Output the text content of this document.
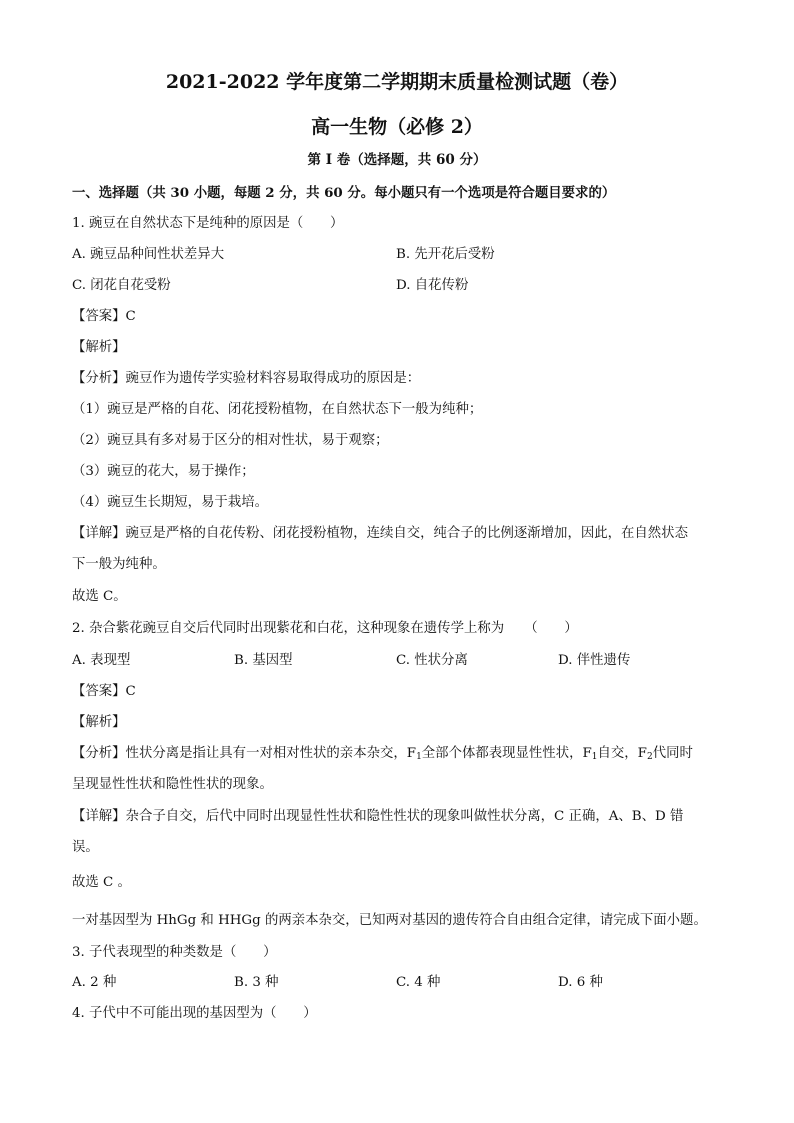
2021-2022 学年度第二学期期末质量检测试题（卷）
高一生物（必修 2）
第 I 卷（选择题，共 60 分）
一、选择题（共 30 小题，每题 2 分，共 60 分。每小题只有一个选项是符合题目要求的）
1. 豌豆在自然状态下是纯种的原因是（　　）
A. 豌豆品种间性状差异大	B. 先开花后受粉
C. 闭花自花受粉	D. 自花传粉
【答案】C
【解析】
【分析】豌豆作为遗传学实验材料容易取得成功的原因是：
（1）豌豆是严格的自花、闭花授粉植物，在自然状态下一般为纯种；
（2）豌豆具有多对易于区分的相对性状，易于观察；
（3）豌豆的花大，易于操作；
（4）豌豆生长期短，易于栽培。
【详解】豌豆是严格的自花传粉、闭花授粉植物，连续自交，纯合子的比例逐渐增加，因此，在自然状态
下一般为纯种。
故选 C。
2. 杂合紫花豌豆自交后代同时出现紫花和白花，这种现象在遗传学上称为　　（　　）
A. 表现型	B. 基因型	C. 性状分离	D. 伴性遗传
【答案】C
【解析】
【分析】性状分离是指让具有一对相对性状的亲本杂交，$F_1$全部个体都表现显性性状，$F_1$自交，$F_2$代同时
呈现显性性状和隐性性状的现象。
【详解】杂合子自交，后代中同时出现显性性状和隐性性状的现象叫做性状分离，C 正确，A、B、D 错
误。
故选 C 。
一对基因型为 HhGg 和 HHGg 的两亲本杂交，已知两对基因的遗传符合自由组合定律，请完成下面小题。
3. 子代表现型的种类数是（　　）
A. 2 种	B. 3 种	C. 4 种	D. 6 种
4. 子代中不可能出现的基因型为（　　）
